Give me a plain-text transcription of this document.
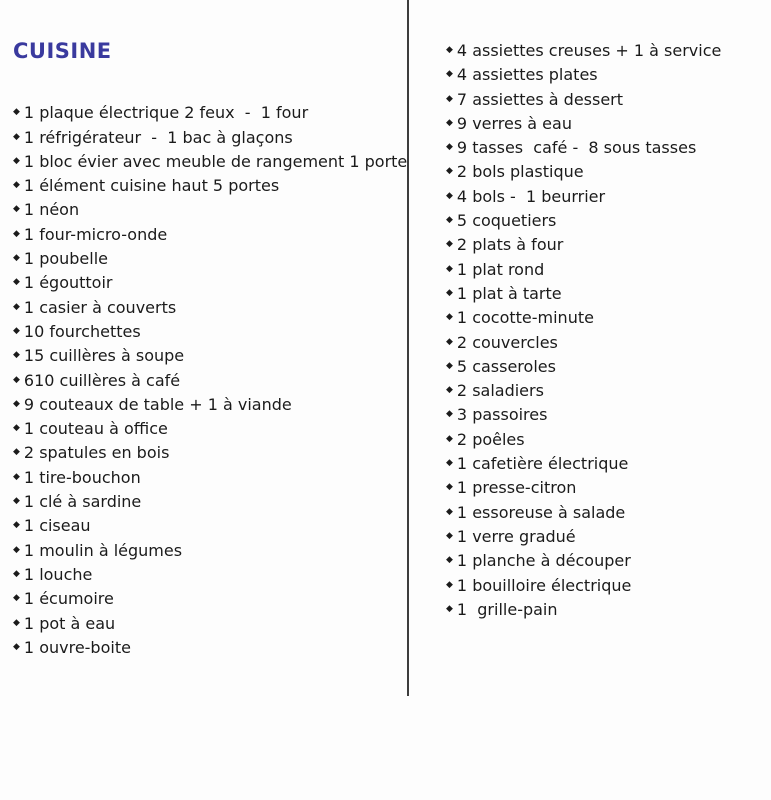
CUISINE

◆ 1 plaque électrique 2 feux  -  1 four
◆ 1 réfrigérateur  -  1 bac à glaçons
◆ 1 bloc évier avec meuble de rangement 1 porte
◆ 1 élément cuisine haut 5 portes
◆ 1 néon
◆ 1 four-micro-onde
◆ 1 poubelle
◆ 1 égouttoir
◆ 1 casier à couverts
◆ 10 fourchettes
◆ 15 cuillères à soupe
◆ 610 cuillères à café
◆ 9 couteaux de table + 1 à viande
◆ 1 couteau à office
◆ 2 spatules en bois
◆ 1 tire-bouchon
◆ 1 clé à sardine
◆ 1 ciseau
◆ 1 moulin à légumes
◆ 1 louche
◆ 1 écumoire
◆ 1 pot à eau
◆ 1 ouvre-boite

◆ 4 assiettes creuses + 1 à service
◆ 4 assiettes plates
◆ 7 assiettes à dessert
◆ 9 verres à eau
◆ 9 tasses  café -  8 sous tasses
◆ 2 bols plastique
◆ 4 bols -  1 beurrier
◆ 5 coquetiers
◆ 2 plats à four
◆ 1 plat rond
◆ 1 plat à tarte
◆ 1 cocotte-minute
◆ 2 couvercles
◆ 5 casseroles
◆ 2 saladiers
◆ 3 passoires
◆ 2 poêles
◆ 1 cafetière électrique
◆ 1 presse-citron
◆ 1 essoreuse à salade
◆ 1 verre gradué
◆ 1 planche à découper
◆ 1 bouilloire électrique
◆ 1  grille-pain
